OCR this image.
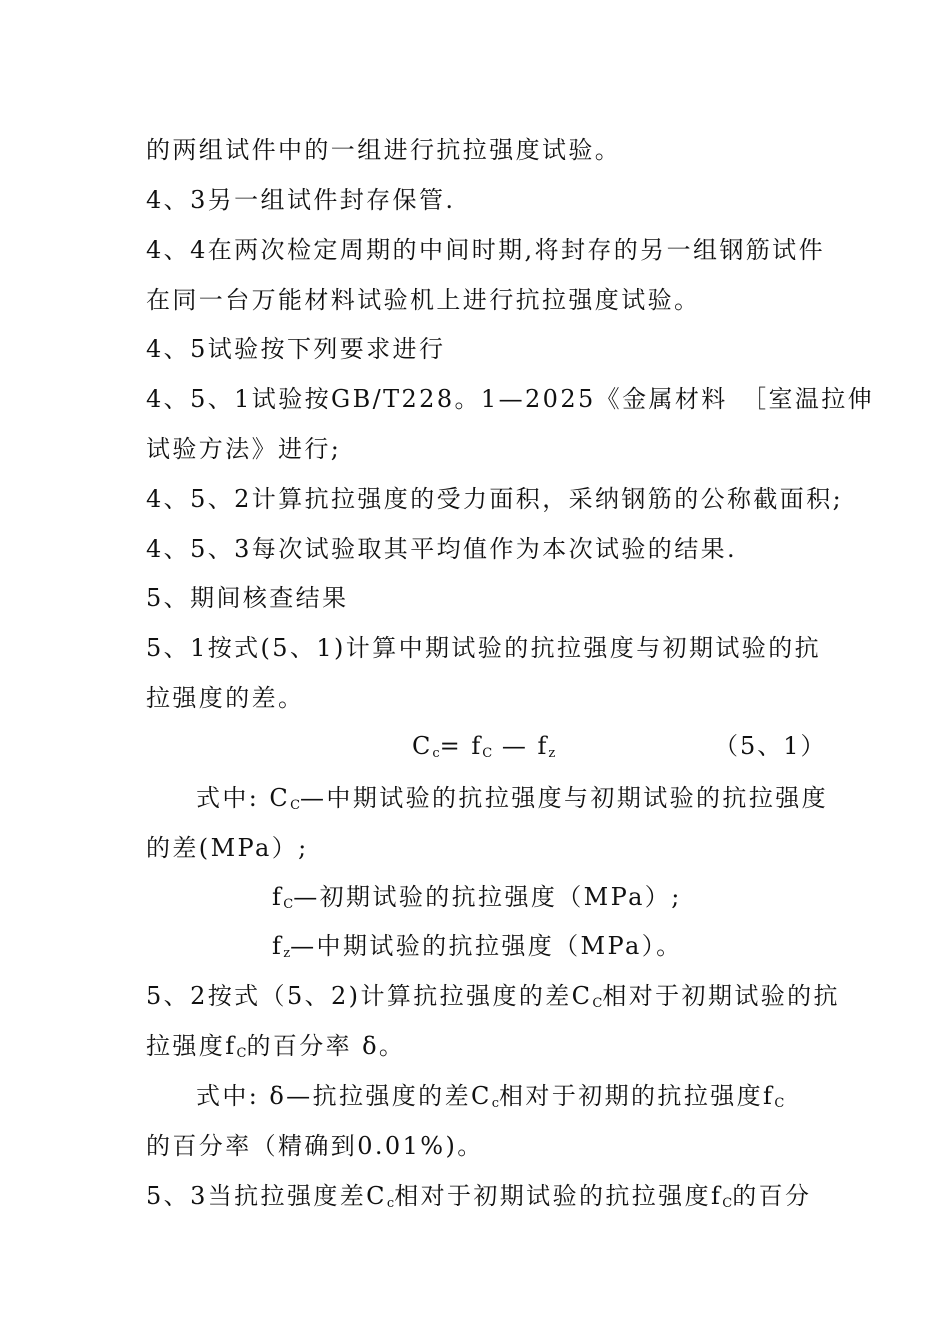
的两组试件中的一组进行抗拉强度试验。
4、3另一组试件封存保管.
4、4在两次检定周期的中间时期,将封存的另一组钢筋试件
在同一台万能材料试验机上进行抗拉强度试验。
4、5试验按下列要求进行
4、5、1试验按GB/T228。1—2025《金属材料　［室温拉伸
试验方法》进行;
4、5、2计算抗拉强度的受力面积，采纳钢筋的公称截面积;
4、5、3每次试验取其平均值作为本次试验的结果.
5、期间核查结果
5、1按式(5、1)计算中期试验的抗拉强度与初期试验的抗
拉强度的差。
$C_c= f_C$ — $f_z$	（5、1）
式中: $C_C—$中期试验的抗拉强度与初期试验的抗拉强度
的差(MPa）;
$f_C—$初期试验的抗拉强度（MPa）;
$f_z—$中期试验的抗拉强度（MPa）。
5、2按式（5、2)计算抗拉强度的差$C_C$相对于初期试验的抗
拉强度$f_C$的百分率 δ。
式中: δ—抗拉强度的差$C_c$相对于初期的抗拉强度$f_C$
的百分率（精确到0.01%)。
5、3当抗拉强度差$C_c$相对于初期试验的抗拉强度$f_C$的百分
